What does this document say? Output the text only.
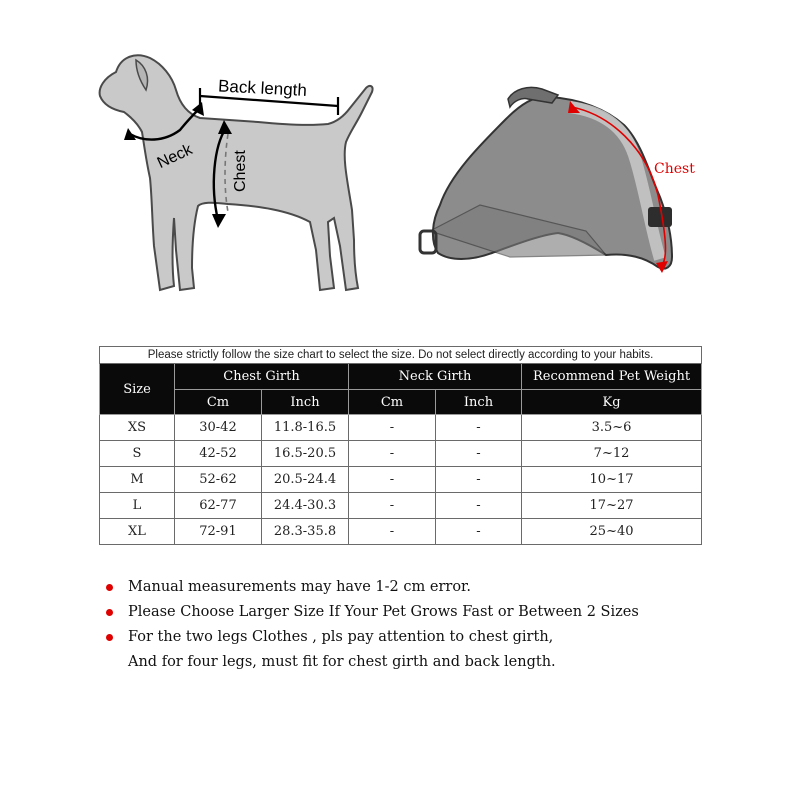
Back length
Neck Chest	Chest
Please strictly follow the size chart to select the size. Do not select directly according to your habits.					
Size	Chest Girth		Neck Girth		Recommend Pet Weight
	Cm	Inch	Cm	Inch	Kg
XS	30-42	11.8-16.5	-	-	3.5~6
S	42-52	16.5-20.5	-	-	7~12
M	52-62	20.5-24.4	-	-	10~17
L	62-77	24.4-30.3	-	-	17~27
XL	72-91	28.3-35.8	-	-	25~40
Manual measurements may have 1-2 cm error.
Please Choose Larger Size If Your Pet Grows Fast or Between 2 Sizes
For the two legs Clothes , pls pay attention to chest girth,
And for four legs, must fit for chest girth and back length.
